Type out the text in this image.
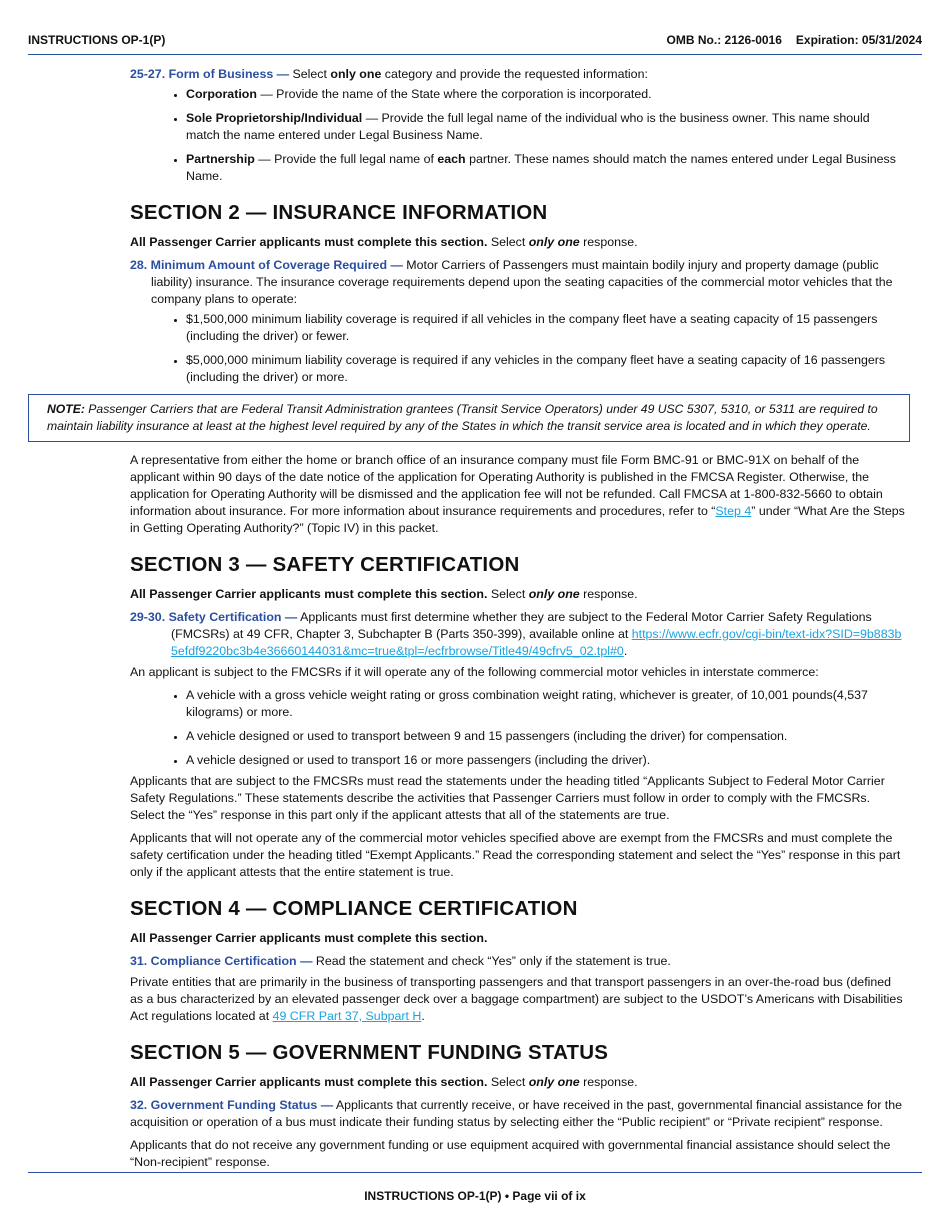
INSTRUCTIONS OP-1(P)	OMB No.: 2126-0016 Expiration: 05/31/2024

25-27. Form of Business — Select only one category and provide the requested information:

• Corporation — Provide the name of the State where the corporation is incorporated.
• Sole Proprietorship/Individual — Provide the full legal name of the individual who is the business owner. This name should match the name entered under Legal Business Name.
• Partnership — Provide the full legal name of each partner. These names should match the names entered under Legal Business Name.
SECTION 2 — INSURANCE INFORMATION

All Passenger Carrier applicants must complete this section. Select only one response.

28. Minimum Amount of Coverage Required — Motor Carriers of Passengers must maintain bodily injury and property damage (public liability) insurance. The insurance coverage requirements depend upon the seating capacities of the commercial motor vehicles that the company plans to operate:

• $1,500,000 minimum liability coverage is required if all vehicles in the company fleet have a seating capacity of 15 passengers (including the driver) or fewer.
• $5,000,000 minimum liability coverage is required if any vehicles in the company fleet have a seating capacity of 16 passengers (including the driver) or more.
NOTE: Passenger Carriers that are Federal Transit Administration grantees (Transit Service Operators) under 49 USC 5307, 5310, or 5311 are required to maintain liability insurance at least at the highest level required by any of the States in which the transit service area is located and in which they operate.

A representative from either the home or branch office of an insurance company must file Form BMC-91 or BMC-91X on behalf of the applicant within 90 days of the date notice of the application for Operating Authority is published in the FMCSA Register. Otherwise, the application for Operating Authority will be dismissed and the application fee will not be refunded. Call FMCSA at 1-800-832-5660 to obtain information about insurance. For more information about insurance requirements and procedures, refer to “Step 4” under “What Are the Steps in Getting Operating Authority?” (Topic IV) in this packet.

SECTION 3 — SAFETY CERTIFICATION

All Passenger Carrier applicants must complete this section. Select only one response.

29-30. Safety Certification — Applicants must first determine whether they are subject to the Federal Motor Carrier Safety Regulations (FMCSRs) at 49 CFR, Chapter 3, Subchapter B (Parts 350-399), available online at https://www.ecfr.gov/cgi-bin/text-idx?SID=9b883b5efdf9220bc3b4e36660144031&mc=true&tpl=/ecfrbrowse/Title49/49cfrv5_02.tpl#0.

An applicant is subject to the FMCSRs if it will operate any of the following commercial motor vehicles in interstate commerce:

• A vehicle with a gross vehicle weight rating or gross combination weight rating, whichever is greater, of 10,001 pounds(4,537 kilograms) or more.
• A vehicle designed or used to transport between 9 and 15 passengers (including the driver) for compensation.
• A vehicle designed or used to transport 16 or more passengers (including the driver).

Applicants that are subject to the FMCSRs must read the statements under the heading titled “Applicants Subject to Federal Motor Carrier Safety Regulations.” These statements describe the activities that Passenger Carriers must follow in order to comply with the FMCSRs. Select the “Yes” response in this part only if the applicant attests that all of the statements are true.

Applicants that will not operate any of the commercial motor vehicles specified above are exempt from the FMCSRs and must complete the safety certification under the heading titled “Exempt Applicants.” Read the corresponding statement and select the “Yes” response in this part only if the applicant attests that the entire statement is true.

SECTION 4 — COMPLIANCE CERTIFICATION

All Passenger Carrier applicants must complete this section.

31. Compliance Certification — Read the statement and check “Yes” only if the statement is true.

Private entities that are primarily in the business of transporting passengers and that transport passengers in an over-the-road bus (defined as a bus characterized by an elevated passenger deck over a baggage compartment) are subject to the USDOT’s Americans with Disabilities Act regulations located at 49 CFR Part 37, Subpart H.

SECTION 5 — GOVERNMENT FUNDING STATUS

All Passenger Carrier applicants must complete this section. Select only one response.

32. Government Funding Status — Applicants that currently receive, or have received in the past, governmental financial assistance for the acquisition or operation of a bus must indicate their funding status by selecting either the “Public recipient” or “Private recipient” response.

Applicants that do not receive any government funding or use equipment acquired with governmental financial assistance should select the “Non-recipient” response.

INSTRUCTIONS OP-1(P) • Page vii of ix
